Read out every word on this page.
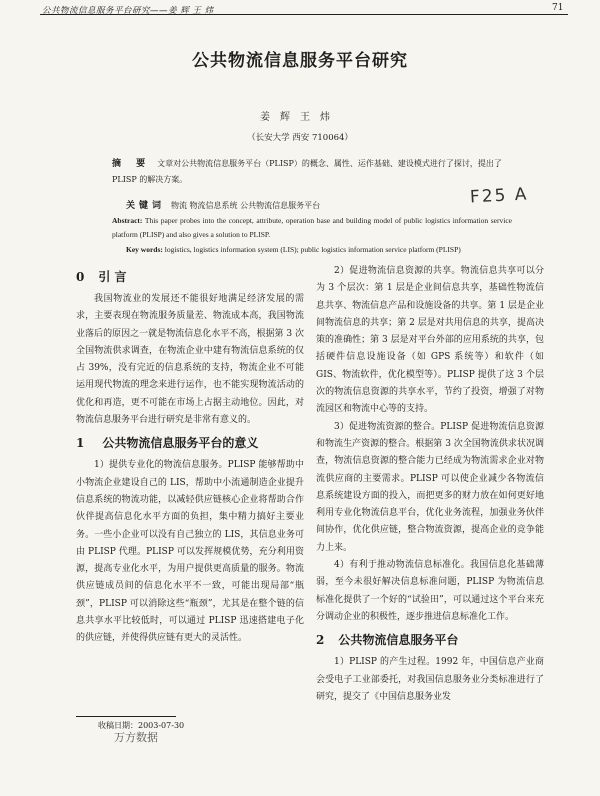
公共物流信息服务平台研究——姜 辉 王 炜	71
公共物流信息服务平台研究
姜辉王炜
（长安大学 西安 710064）
摘 要 文章对公共物流信息服务平台（PLISP）的概念、属性、运作基础、建设模式进行了探讨，提出了 PLISP 的解决方案。
关键词 物流 物流信息系统 公共物流信息服务平台	F25 A
Abstract: This paper probes into the concept, attribute, operation base and building model of public logistics information service platform (PLISP) and also gives a solution to PLISP.
Key words: logistics, logistics information system (LIS); public logistics information service platform (PLISP)
0 引 言

我国物流业的发展还不能很好地满足经济发展的需求，主要表现在物流服务质量差、物流成本高，我国物流业落后的原因之一就是物流信息化水平不高，根据第 3 次全国物流供求调查，在物流企业中建有物流信息系统的仅占 39%，没有完近的信息系统的支持，物流企业不可能运用现代物流的理念来进行运作，也不能实现物流活动的优化和再造，更不可能在市场上占据主动地位。因此，对物流信息服务平台进行研究是非常有意义的。

1 公共物流信息服务平台的意义

1）提供专业化的物流信息服务。PLISP 能够帮助中小物流企业建设自己的 LIS，帮助中小流通制造企业提升信息系统的物流功能，以减轻供应链核心企业将帮助合作伙伴提高信息化水平方面的负担，集中精力搞好主要业务。一些小企业可以没有自己独立的 LIS，其信息业务可由 PLISP 代理。PLISP 可以发挥规模优势，充分利用资源，提高专业化水平，为用户提供更高质量的服务。物流供应链成员间的信息化水平不一致，可能出现局部“瓶颈”，PLISP 可以消除这些“瓶颈”，尤其是在整个链的信息共享水平比较低时，可以通过 PLISP 迅速搭建电子化的供应链，并使得供应链有更大的灵活性。

2）促进物流信息资源的共享。物流信息共享可以分为 3 个层次：第 1 层是企业间信息共享，基础性物流信息共享、物流信息产品和设施设备的共享。第 1 层是企业间物流信息的共享；第 2 层是对共用信息的共享，提高决策的准确性；第 3 层是对平台外部的应用系统的共享，包括硬件信息设施设备（如 GPS 系统等）和软件（如 GIS、物流软件，优化模型等）。PLISP 提供了这 3 个层次的物流信息资源的共享水平，节约了投资，增强了对物流园区和物流中心等的支持。

3）促进物流资源的整合。PLISP 促进物流信息资源和物流生产资源的整合。根据第 3 次全国物流供求状况调查，物流信息资源的整合能力已经成为物流需求企业对物流供应商的主要需求。PLISP 可以使企业减少各物流信息系统建设方面的投入，而把更多的财力放在如何更好地利用专业化物流信息平台，优化业务流程，加强业务伙伴间协作，优化供应链，整合物流资源，提高企业的竞争能力上来。

4）有利于推动物流信息标准化。我国信息化基础薄弱，至今未很好解决信息标准问题，PLISP 为物流信息标准化提供了一个好的“试验田”，可以通过这个平台来充分调动企业的积极性，逐步推进信息标准化工作。

2 公共物流信息服务平台

1）PLISP 的产生过程。1992 年，中国信息产业商会受电子工业部委托，对我国信息服务业分类标准进行了研究，提交了《中国信息服务业发

收稿日期：2003-07-30
万方数据
